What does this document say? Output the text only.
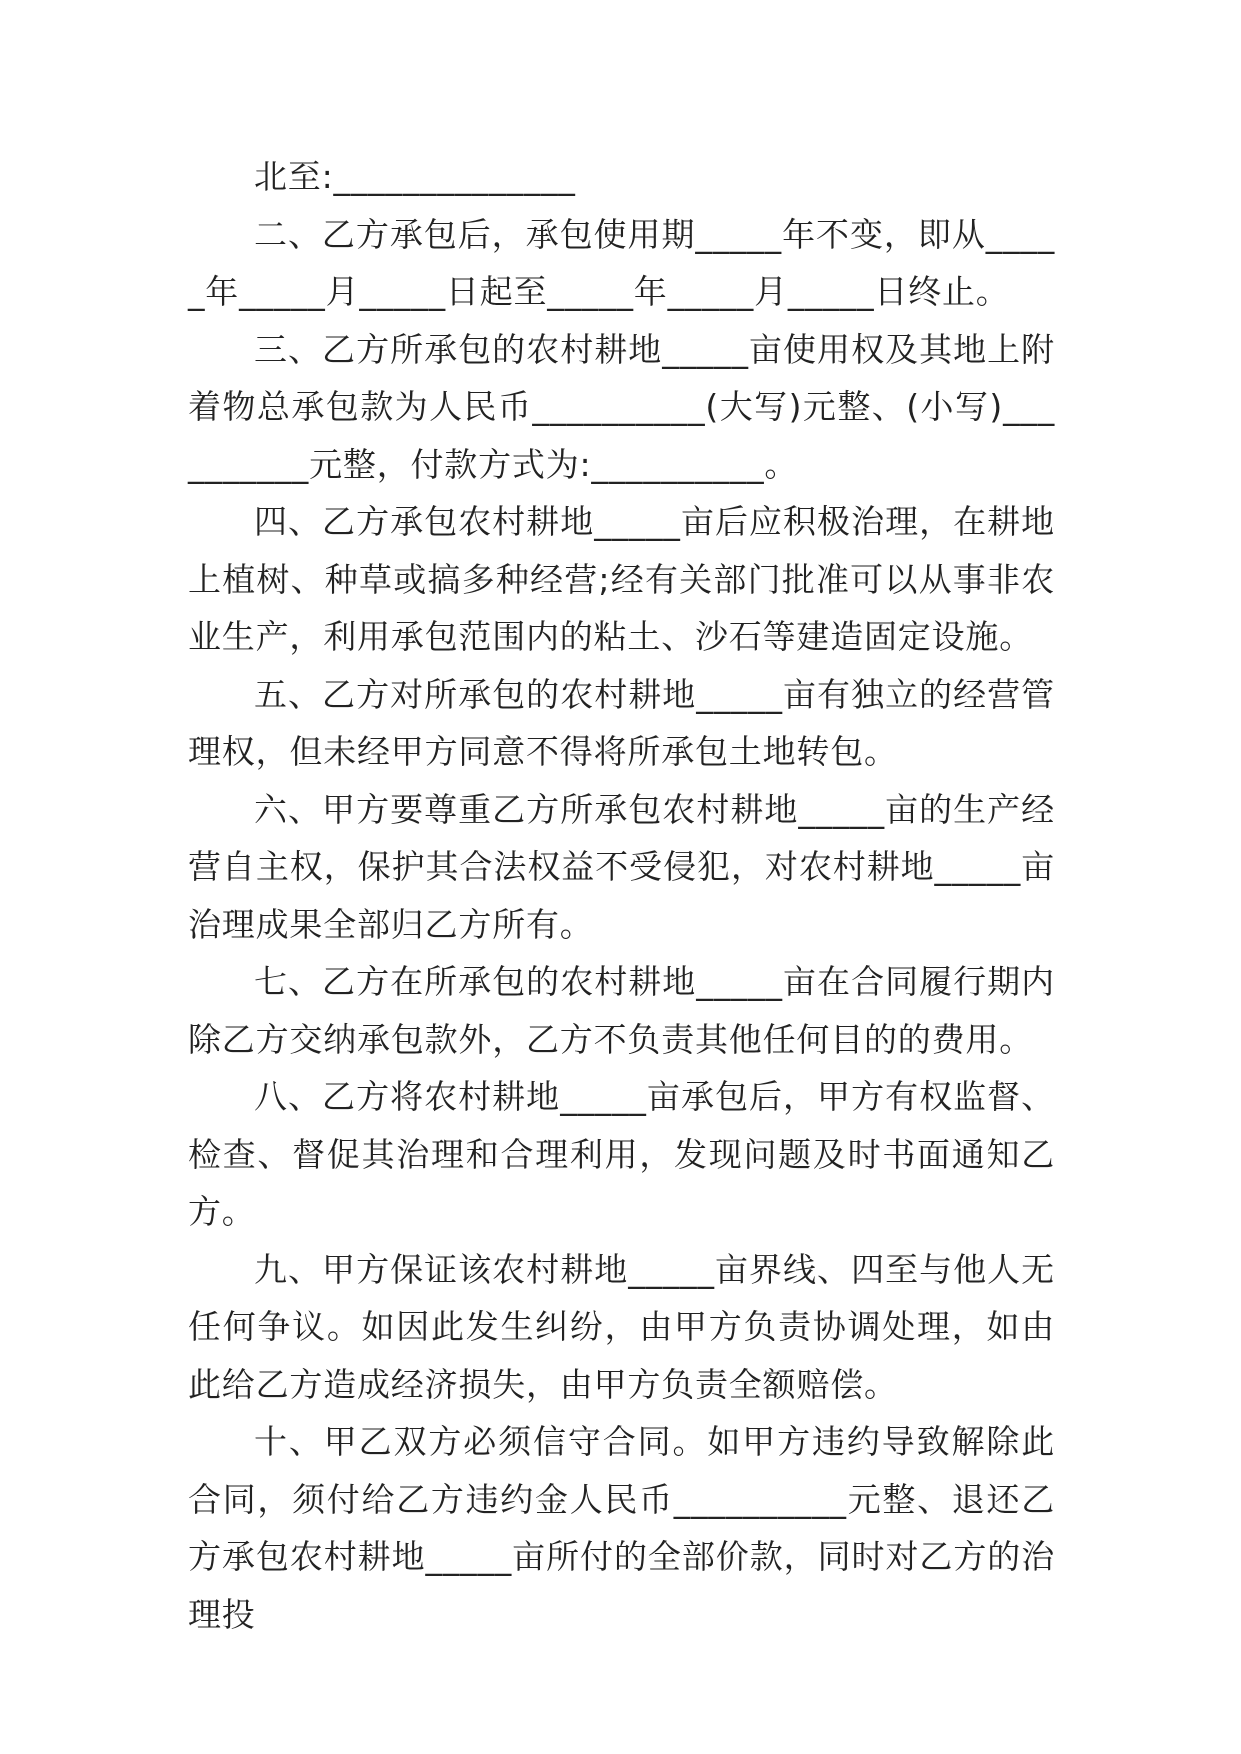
北至:______________

二、乙方承包后，承包使用期_____年不变，即从_____年_____月_____日起至_____年_____月_____日终止。

三、乙方所承包的农村耕地_____亩使用权及其地上附着物总承包款为人民币__________(大写)元整、(小写)__________元整，付款方式为:__________。

四、乙方承包农村耕地_____亩后应积极治理，在耕地上植树、种草或搞多种经营;经有关部门批准可以从事非农业生产，利用承包范围内的粘土、沙石等建造固定设施。

五、乙方对所承包的农村耕地_____亩有独立的经营管理权，但未经甲方同意不得将所承包土地转包。

六、甲方要尊重乙方所承包农村耕地_____亩的生产经营自主权，保护其合法权益不受侵犯，对农村耕地_____亩治理成果全部归乙方所有。

七、乙方在所承包的农村耕地_____亩在合同履行期内除乙方交纳承包款外，乙方不负责其他任何目的的费用。

八、乙方将农村耕地_____亩承包后，甲方有权监督、检查、督促其治理和合理利用，发现问题及时书面通知乙方。

九、甲方保证该农村耕地_____亩界线、四至与他人无任何争议。如因此发生纠纷，由甲方负责协调处理，如由此给乙方造成经济损失，由甲方负责全额赔偿。

十、甲乙双方必须信守合同。如甲方违约导致解除此合同，须付给乙方违约金人民币__________元整、退还乙方承包农村耕地_____亩所付的全部价款，同时对乙方的治理投
